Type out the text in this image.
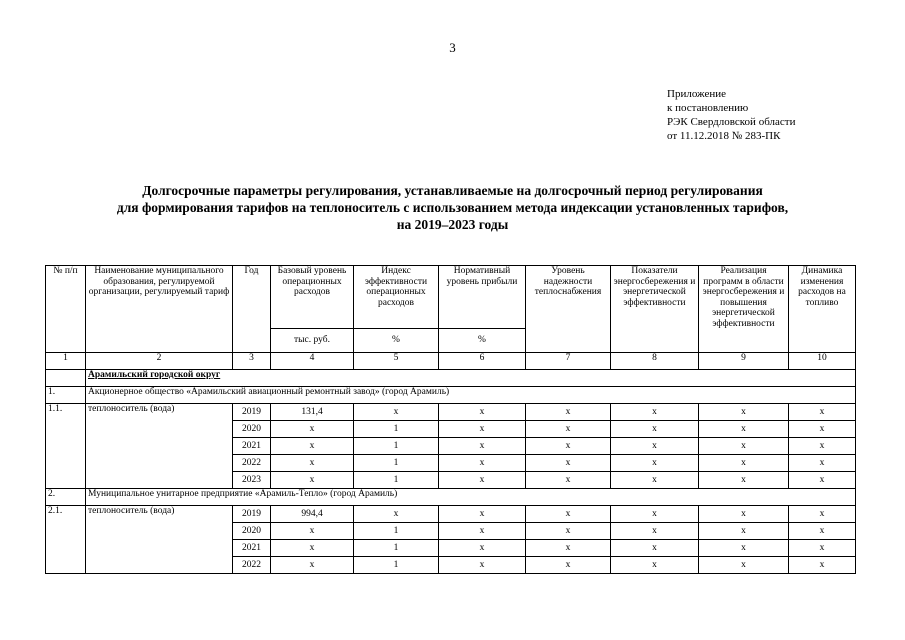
3
Приложение
к постановлению
РЭК Свердловской области
от 11.12.2018 № 283-ПК
Долгосрочные параметры регулирования, устанавливаемые на долгосрочный период регулирования
для формирования тарифов на теплоноситель с использованием метода индексации установленных тарифов,
на 2019–2023 годы
№ п/п	Наименование муниципального образования, регулируемой организации, регулируемый тариф	Год	Базовый уровень операционных расходов	Индекс эффективности операционных расходов	Нормативный уровень прибыли	Уровень надежности теплоснабжения	Показатели энергосбережения и энергетической эффективности	Реализация программ в области энергосбережения и повышения энергетической эффективности	Динамика изменения расходов на топливо
			тыс. руб.	%	%				
1	2	3	4	5	6	7	8	9	10
	Арамильский городской округ								
1.	Акционерное общество «Арамильский авиационный ремонтный завод» (город Арамиль)								
1.1.	теплоноситель (вода)	2019	131,4	x	x	x	x	x	x
		2020	x	1	x	x	x	x	x
		2021	x	1	x	x	x	x	x
		2022	x	1	x	x	x	x	x
		2023	x	1	x	x	x	x	x
2.	Муниципальное унитарное предприятие «Арамиль-Тепло» (город Арамиль)								
2.1.	теплоноситель (вода)	2019	994,4	x	x	x	x	x	x
		2020	x	1	x	x	x	x	x
		2021	x	1	x	x	x	x	x
		2022	x	1	x	x	x	x	x
